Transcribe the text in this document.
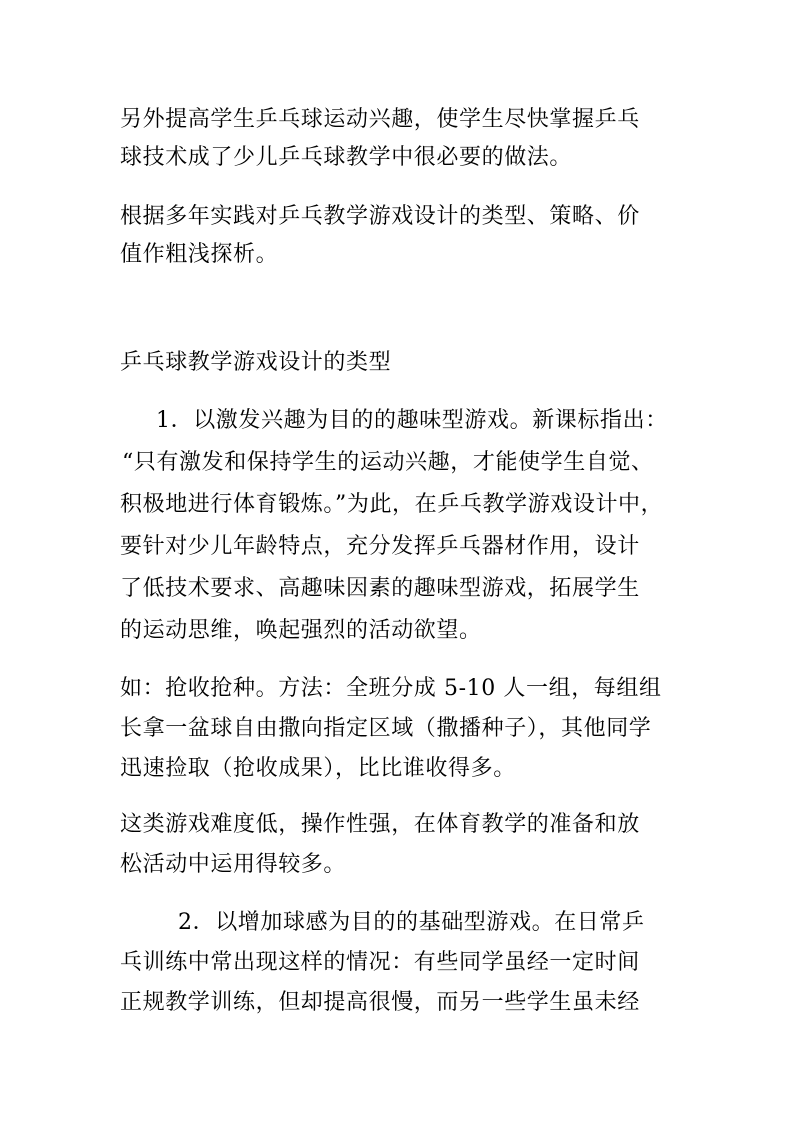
另外提高学生乒乓球运动兴趣，使学生尽快掌握乒乓
球技术成了少儿乒乓球教学中很必要的做法。
根据多年实践对乒乓教学游戏设计的类型、策略、价
值作粗浅探析。
乒乓球教学游戏设计的类型
1．以激发兴趣为目的的趣味型游戏。新课标指出：
“只有激发和保持学生的运动兴趣，才能使学生自觉、
积极地进行体育锻炼。”为此，在乒乓教学游戏设计中，
要针对少儿年龄特点，充分发挥乒乓器材作用，设计
了低技术要求、高趣味因素的趣味型游戏，拓展学生
的运动思维，唤起强烈的活动欲望。
如：抢收抢种。方法：全班分成 5-10 人一组，每组组
长拿一盆球自由撒向指定区域（撒播种子），其他同学
迅速捡取（抢收成果），比比谁收得多。
这类游戏难度低，操作性强，在体育教学的准备和放
松活动中运用得较多。
2．以增加球感为目的的基础型游戏。在日常乒
乓训练中常出现这样的情况：有些同学虽经一定时间
正规教学训练，但却提高很慢，而另一些学生虽未经
